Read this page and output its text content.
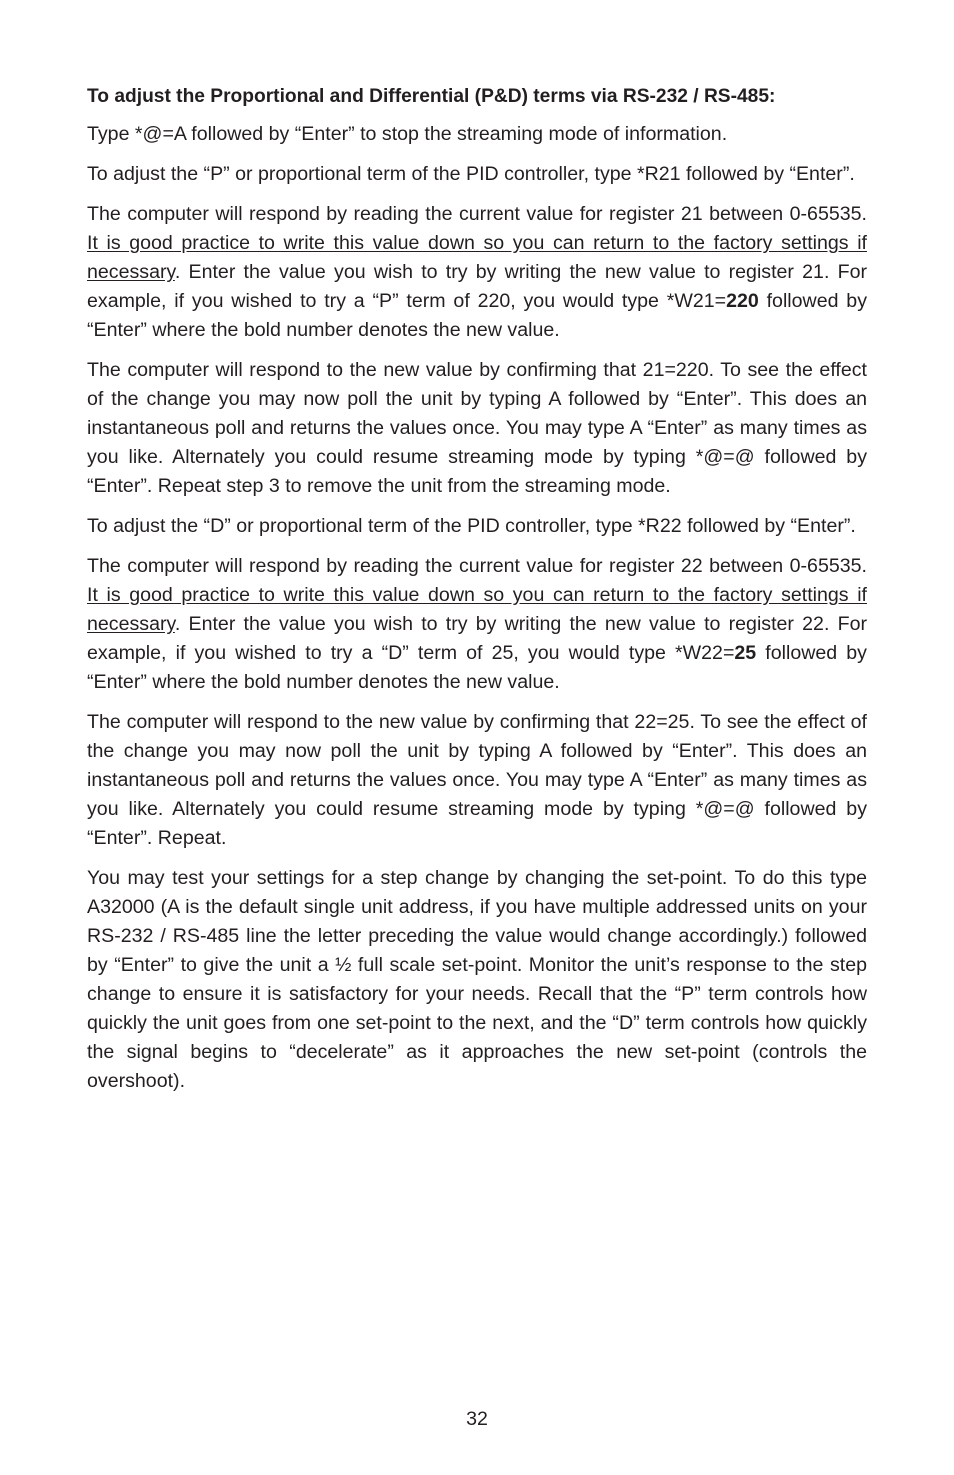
To adjust the Proportional and Differential (P&D) terms via RS-232 / RS-485:

Type *@=A followed by “Enter” to stop the streaming mode of information.

To adjust the “P” or proportional term of the PID controller, type *R21 followed by “Enter”.

The computer will respond by reading the current value for register 21 between 0-65535. It is good practice to write this value down so you can return to the factory settings if necessary. Enter the value you wish to try by writing the new value to register 21. For example, if you wished to try a “P” term of 220, you would type *W21=220 followed by “Enter” where the bold number denotes the new value.

The computer will respond to the new value by confirming that 21=220. To see the effect of the change you may now poll the unit by typing A followed by “Enter”. This does an instantaneous poll and returns the values once. You may type A “Enter” as many times as you like. Alternately you could resume streaming mode by typing *@=@ followed by “Enter”. Repeat step 3 to remove the unit from the streaming mode.

To adjust the “D” or proportional term of the PID controller, type *R22 followed by “Enter”.

The computer will respond by reading the current value for register 22 between 0-65535. It is good practice to write this value down so you can return to the factory settings if necessary. Enter the value you wish to try by writing the new value to register 22. For example, if you wished to try a “D” term of 25, you would type *W22=25 followed by “Enter” where the bold number denotes the new value.

The computer will respond to the new value by confirming that 22=25. To see the effect of the change you may now poll the unit by typing A followed by “Enter”. This does an instantaneous poll and returns the values once. You may type A “Enter” as many times as you like. Alternately you could resume streaming mode by typing *@=@ followed by “Enter”. Repeat.

You may test your settings for a step change by changing the set-point. To do this type A32000 (A is the default single unit address, if you have multiple addressed units on your RS-232 / RS-485 line the letter preceding the value would change accordingly.) followed by “Enter” to give the unit a ½ full scale set-point. Monitor the unit’s response to the step change to ensure it is satisfactory for your needs. Recall that the “P” term controls how quickly the unit goes from one set-point to the next, and the “D” term controls how quickly the signal begins to “decelerate” as it approaches the new set-point (controls the overshoot).

32
